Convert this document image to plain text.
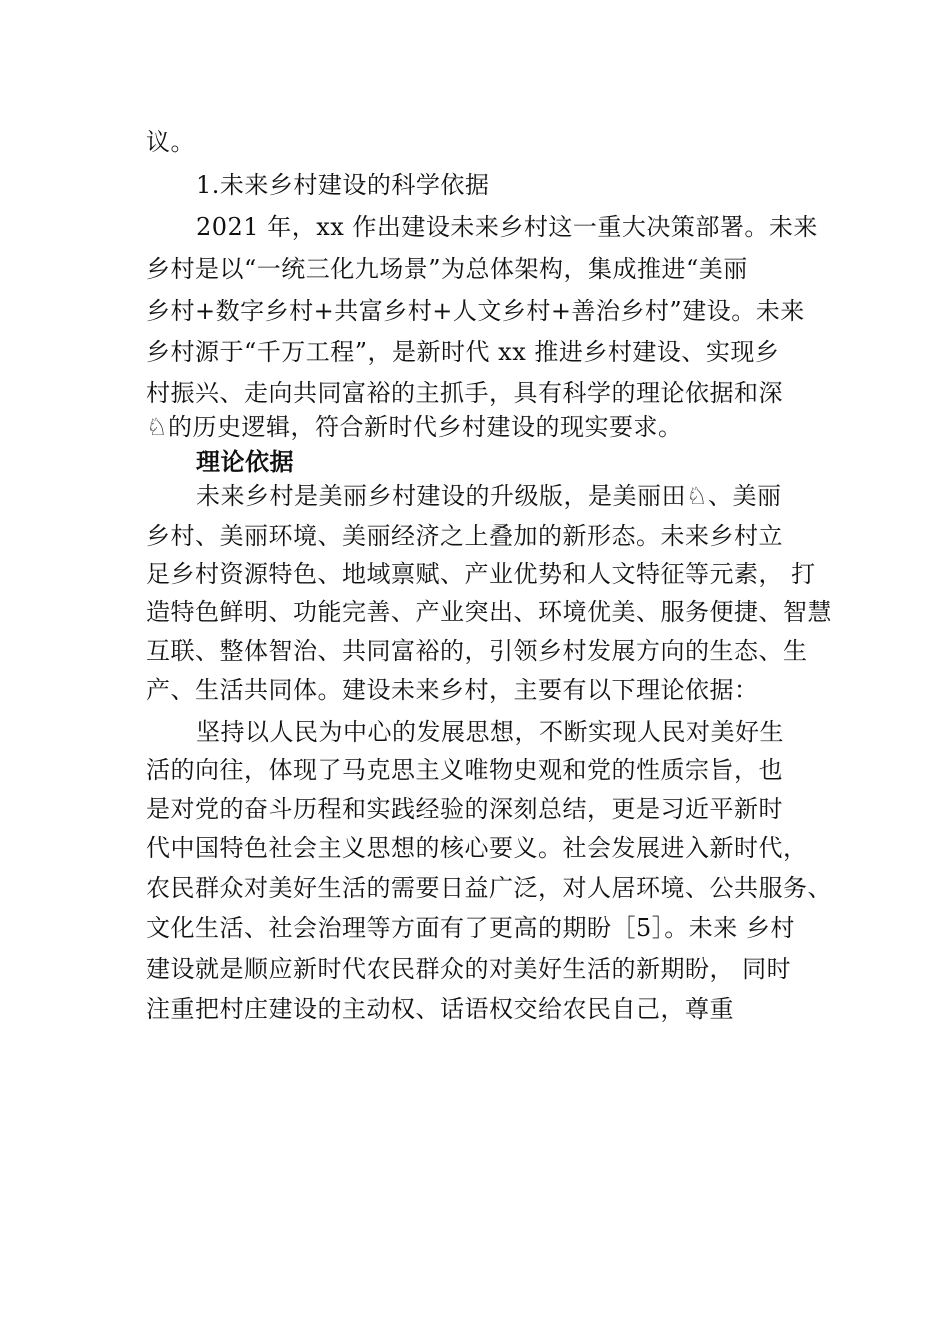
议。
1.未来乡村建设的科学依据
2021 年，xx 作出建设未来乡村这一重大决策部署。未来
乡村是以“一统三化九场景”为总体架构，集成推进“美丽
乡村+数字乡村+共富乡村+人文乡村+善治乡村”建设。未来
乡村源于“千万工程”，是新时代 xx 推进乡村建设、实现乡
村振兴、走向共同富裕的主抓手，具有科学的理论依据和深
♘的历史逻辑，符合新时代乡村建设的现实要求。
理论依据
未来乡村是美丽乡村建设的升级版，是美丽田♘、美丽
乡村、美丽环境、美丽经济之上叠加的新形态。未来乡村立
足乡村资源特色、地域禀赋、产业优势和人文特征等元素， 打
造特色鲜明、功能完善、产业突出、环境优美、服务便捷、智慧
互联、整体智治、共同富裕的，引领乡村发展方向的生态、生
产、生活共同体。建设未来乡村，主要有以下理论依据：
坚持以人民为中心的发展思想，不断实现人民对美好生
活的向往，体现了马克思主义唯物史观和党的性质宗旨，也
是对党的奋斗历程和实践经验的深刻总结，更是习近平新时
代中国特色社会主义思想的核心要义。社会发展进入新时代，
农民群众对美好生活的需要日益广泛，对人居环境、公共服务、
文化生活、社会治理等方面有了更高的期盼［5］。未来 乡村
建设就是顺应新时代农民群众的对美好生活的新期盼， 同时
注重把村庄建设的主动权、话语权交给农民自己，尊重
